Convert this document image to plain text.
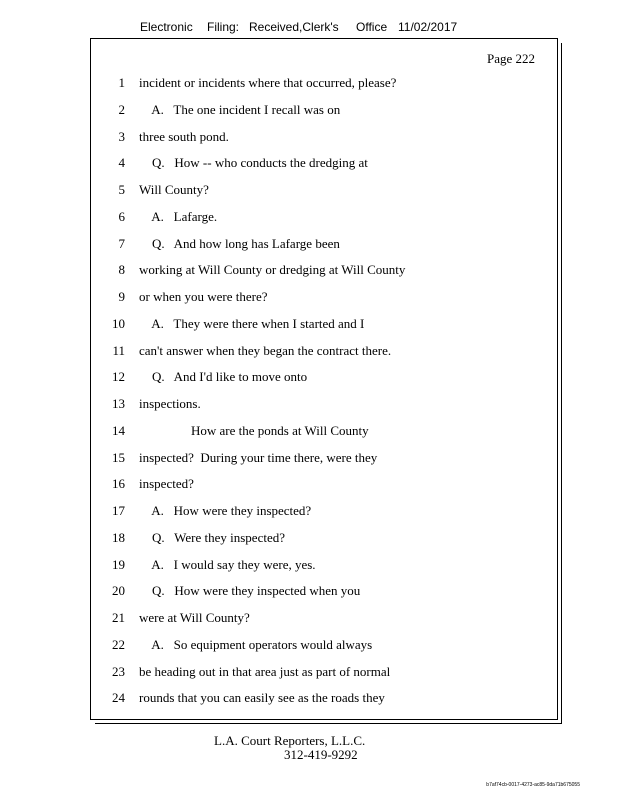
Electronic Filing: Received,Clerk's Office 11/02/2017
Page 222
1 incident or incidents where that occurred, please?
2 A.   The one incident I recall was on
3 three south pond.
4 Q.   How -- who conducts the dredging at
5 Will County?
6 A.   Lafarge.
7 Q.   And how long has Lafarge been
8 working at Will County or dredging at Will County
9 or when you were there?
10 A.   They were there when I started and I
11 can't answer when they began the contract there.
12 Q.   And I'd like to move onto
13 inspections.
14 How are the ponds at Will County
15 inspected?  During your time there, were they
16 inspected?
17 A.   How were they inspected?
18 Q.   Were they inspected?
19 A.   I would say they were, yes.
20 Q.   How were they inspected when you
21 were at Will County?
22 A.   So equipment operators would always
23 be heading out in that area just as part of normal
24 rounds that you can easily see as the roads they
L.A. Court Reporters, L.L.C.
312-419-9292
b7af74cb-0017-4273-ac85-9da71b675055
